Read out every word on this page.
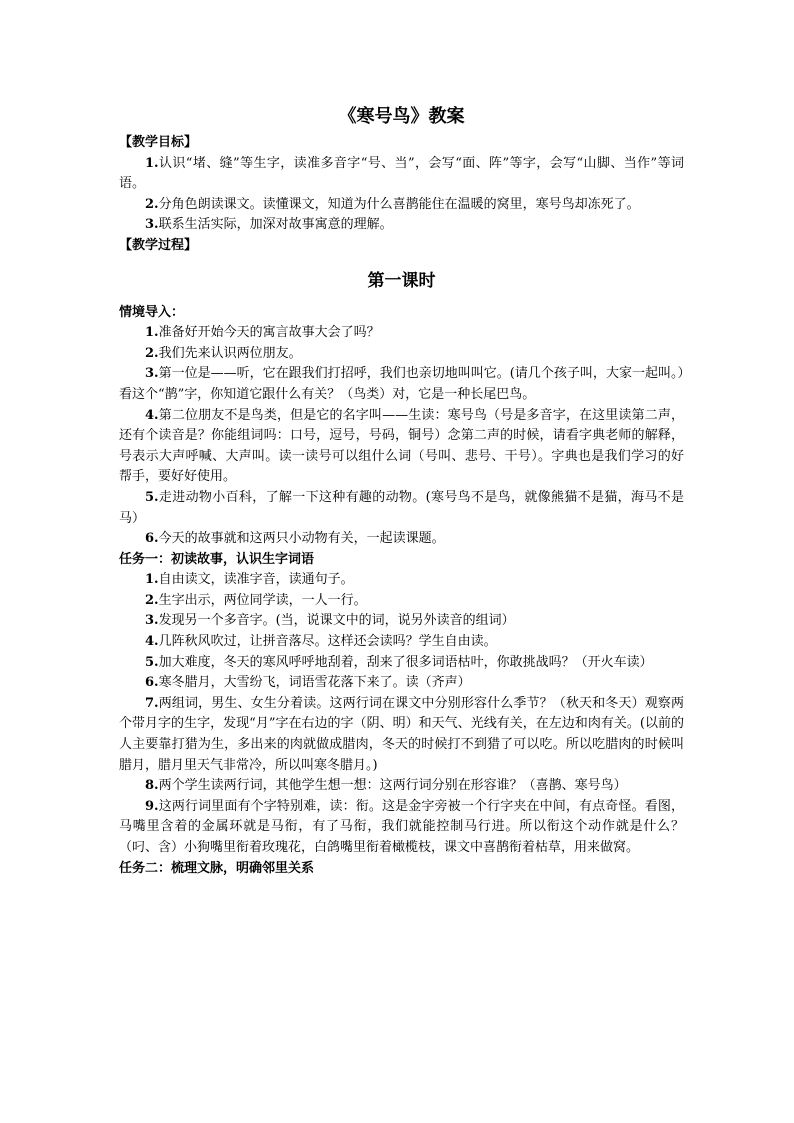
《寒号鸟》教案
【教学目标】

1.认识“堵、缝”等生字，读准多音字“号、当”，会写“面、阵”等字，会写“山脚、当作”等词语。

2.分角色朗读课文。读懂课文，知道为什么喜鹊能住在温暖的窝里，寒号鸟却冻死了。

3.联系生活实际，加深对故事寓意的理解。

【教学过程】
第一课时
情境导入：

1.准备好开始今天的寓言故事大会了吗？

2.我们先来认识两位朋友。

3.第一位是——听，它在跟我们打招呼，我们也亲切地叫叫它。(请几个孩子叫，大家一起叫。）看这个“鹊”字，你知道它跟什么有关？（鸟类）对，它是一种长尾巴鸟。

4.第二位朋友不是鸟类，但是它的名字叫——生读：寒号鸟（号是多音字，在这里读第二声，还有个读音是？你能组词吗：口号，逗号，号码，铜号）念第二声的时候，请看字典老师的解释，号表示大声呼喊、大声叫。读一读号可以组什么词（号叫、悲号、干号）。字典也是我们学习的好帮手，要好好使用。

5.走进动物小百科，了解一下这种有趣的动物。(寒号鸟不是鸟，就像熊猫不是猫，海马不是马）

6.今天的故事就和这两只小动物有关，一起读课题。

任务一：初读故事，认识生字词语

1.自由读文，读准字音，读通句子。

2.生字出示，两位同学读，一人一行。

3.发现另一个多音字。(当，说课文中的词，说另外读音的组词）

4.几阵秋风吹过，让拼音落尽。这样还会读吗？学生自由读。

5.加大难度，冬天的寒风呼呼地刮着，刮来了很多词语枯叶，你敢挑战吗？（开火车读）

6.寒冬腊月，大雪纷飞，词语雪花落下来了。读（齐声）

7.两组词，男生、女生分着读。这两行词在课文中分别形容什么季节？（秋天和冬天）观察两个带月字的生字，发现“月”字在右边的字（阴、明）和天气、光线有关，在左边和肉有关。(以前的人主要靠打猎为生，多出来的肉就做成腊肉，冬天的时候打不到猎了可以吃。所以吃腊肉的时候叫腊月，腊月里天气非常冷，所以叫寒冬腊月。)

8.两个学生读两行词，其他学生想一想：这两行词分别在形容谁？（喜鹊、寒号鸟）

9.这两行词里面有个字特别难，读：衔。这是金字旁被一个行字夹在中间，有点奇怪。看图，马嘴里含着的金属环就是马衔，有了马衔，我们就能控制马行进。所以衔这个动作就是什么？（叼、含）小狗嘴里衔着玫瑰花，白鸽嘴里衔着橄榄枝，课文中喜鹊衔着枯草，用来做窝。

任务二：梳理文脉，明确邻里关系
